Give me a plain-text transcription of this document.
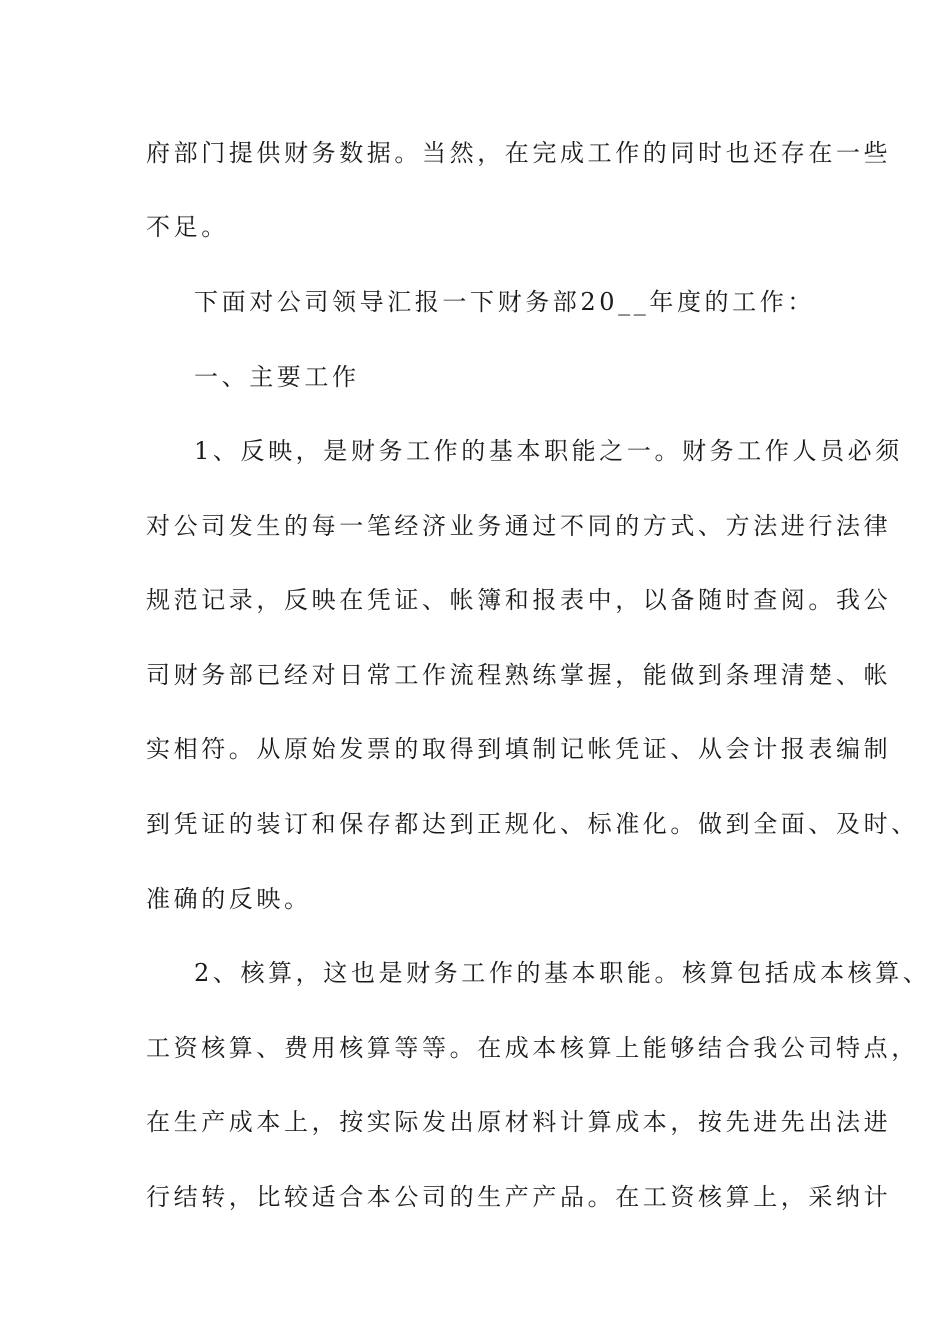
府部门提供财务数据。当然，在完成工作的同时也还存在一些
不足。
下面对公司领导汇报一下财务部20__年度的工作：
一、主要工作
1、反映，是财务工作的基本职能之一。财务工作人员必须
对公司发生的每一笔经济业务通过不同的方式、方法进行法律
规范记录，反映在凭证、帐簿和报表中，以备随时查阅。我公
司财务部已经对日常工作流程熟练掌握，能做到条理清楚、帐
实相符。从原始发票的取得到填制记帐凭证、从会计报表编制
到凭证的装订和保存都达到正规化、标准化。做到全面、及时、
准确的反映。
2、核算，这也是财务工作的基本职能。核算包括成本核算、
工资核算、费用核算等等。在成本核算上能够结合我公司特点，
在生产成本上，按实际发出原材料计算成本，按先进先出法进
行结转，比较适合本公司的生产产品。在工资核算上，采纳计
